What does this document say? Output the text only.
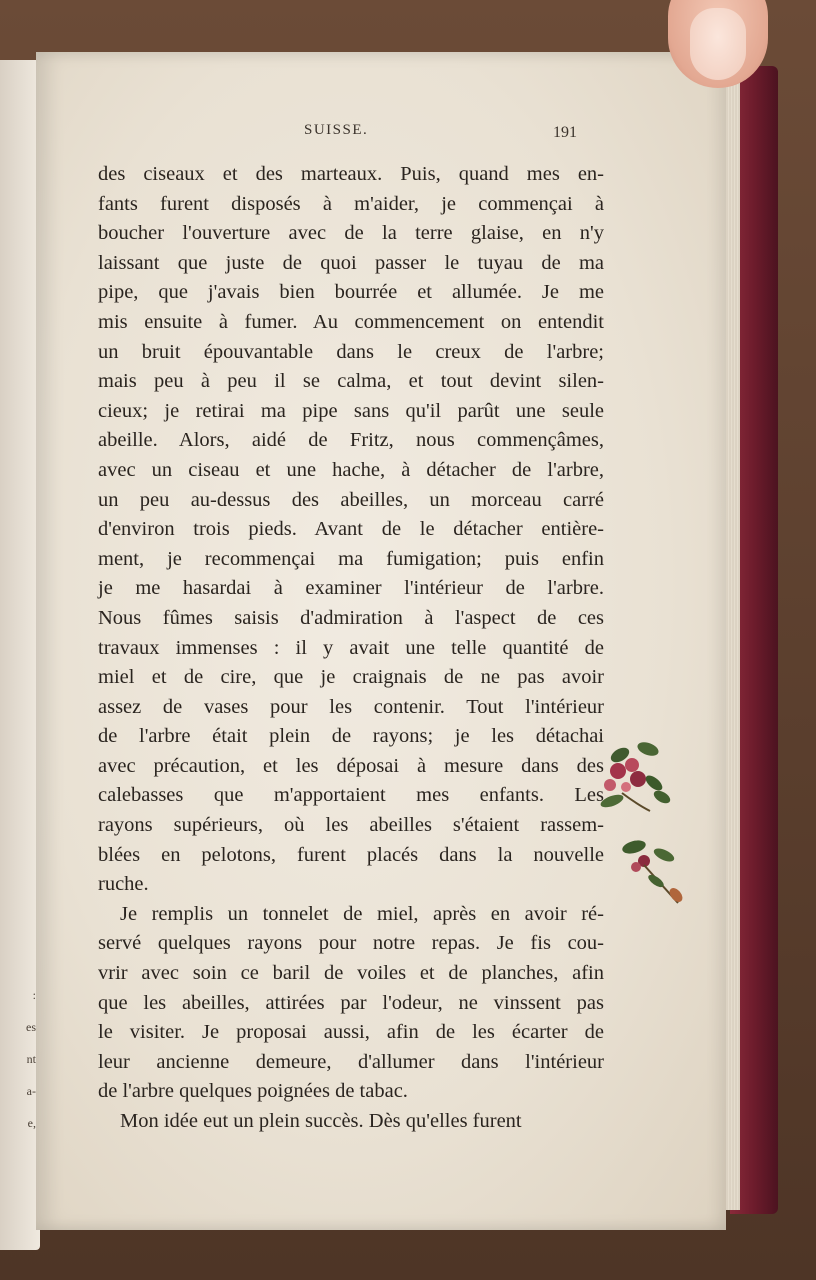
:
es
nt
a-
e,
SUISSE.	191
des ciseaux et des marteaux. Puis, quand mes en-
fants furent disposés à m'aider, je commençai à
boucher l'ouverture avec de la terre glaise, en n'y
laissant que juste de quoi passer le tuyau de ma
pipe, que j'avais bien bourrée et allumée. Je me
mis ensuite à fumer. Au commencement on entendit
un bruit épouvantable dans le creux de l'arbre;
mais peu à peu il se calma, et tout devint silen-
cieux; je retirai ma pipe sans qu'il parût une seule
abeille. Alors, aidé de Fritz, nous commençâmes,
avec un ciseau et une hache, à détacher de l'arbre,
un peu au-dessus des abeilles, un morceau carré
d'environ trois pieds. Avant de le détacher entière-
ment, je recommençai ma fumigation; puis enfin
je me hasardai à examiner l'intérieur de l'arbre.
Nous fûmes saisis d'admiration à l'aspect de ces
travaux immenses : il y avait une telle quantité de
miel et de cire, que je craignais de ne pas avoir
assez de vases pour les contenir. Tout l'intérieur
de l'arbre était plein de rayons; je les détachai
avec précaution, et les déposai à mesure dans des
calebasses que m'apportaient mes enfants. Les
rayons supérieurs, où les abeilles s'étaient rassem-
blées en pelotons, furent placés dans la nouvelle
ruche.
Je remplis un tonnelet de miel, après en avoir ré-
servé quelques rayons pour notre repas. Je fis cou-
vrir avec soin ce baril de voiles et de planches, afin
que les abeilles, attirées par l'odeur, ne vinssent pas
le visiter. Je proposai aussi, afin de les écarter de
leur ancienne demeure, d'allumer dans l'intérieur
de l'arbre quelques poignées de tabac.
Mon idée eut un plein succès. Dès qu'elles furent
